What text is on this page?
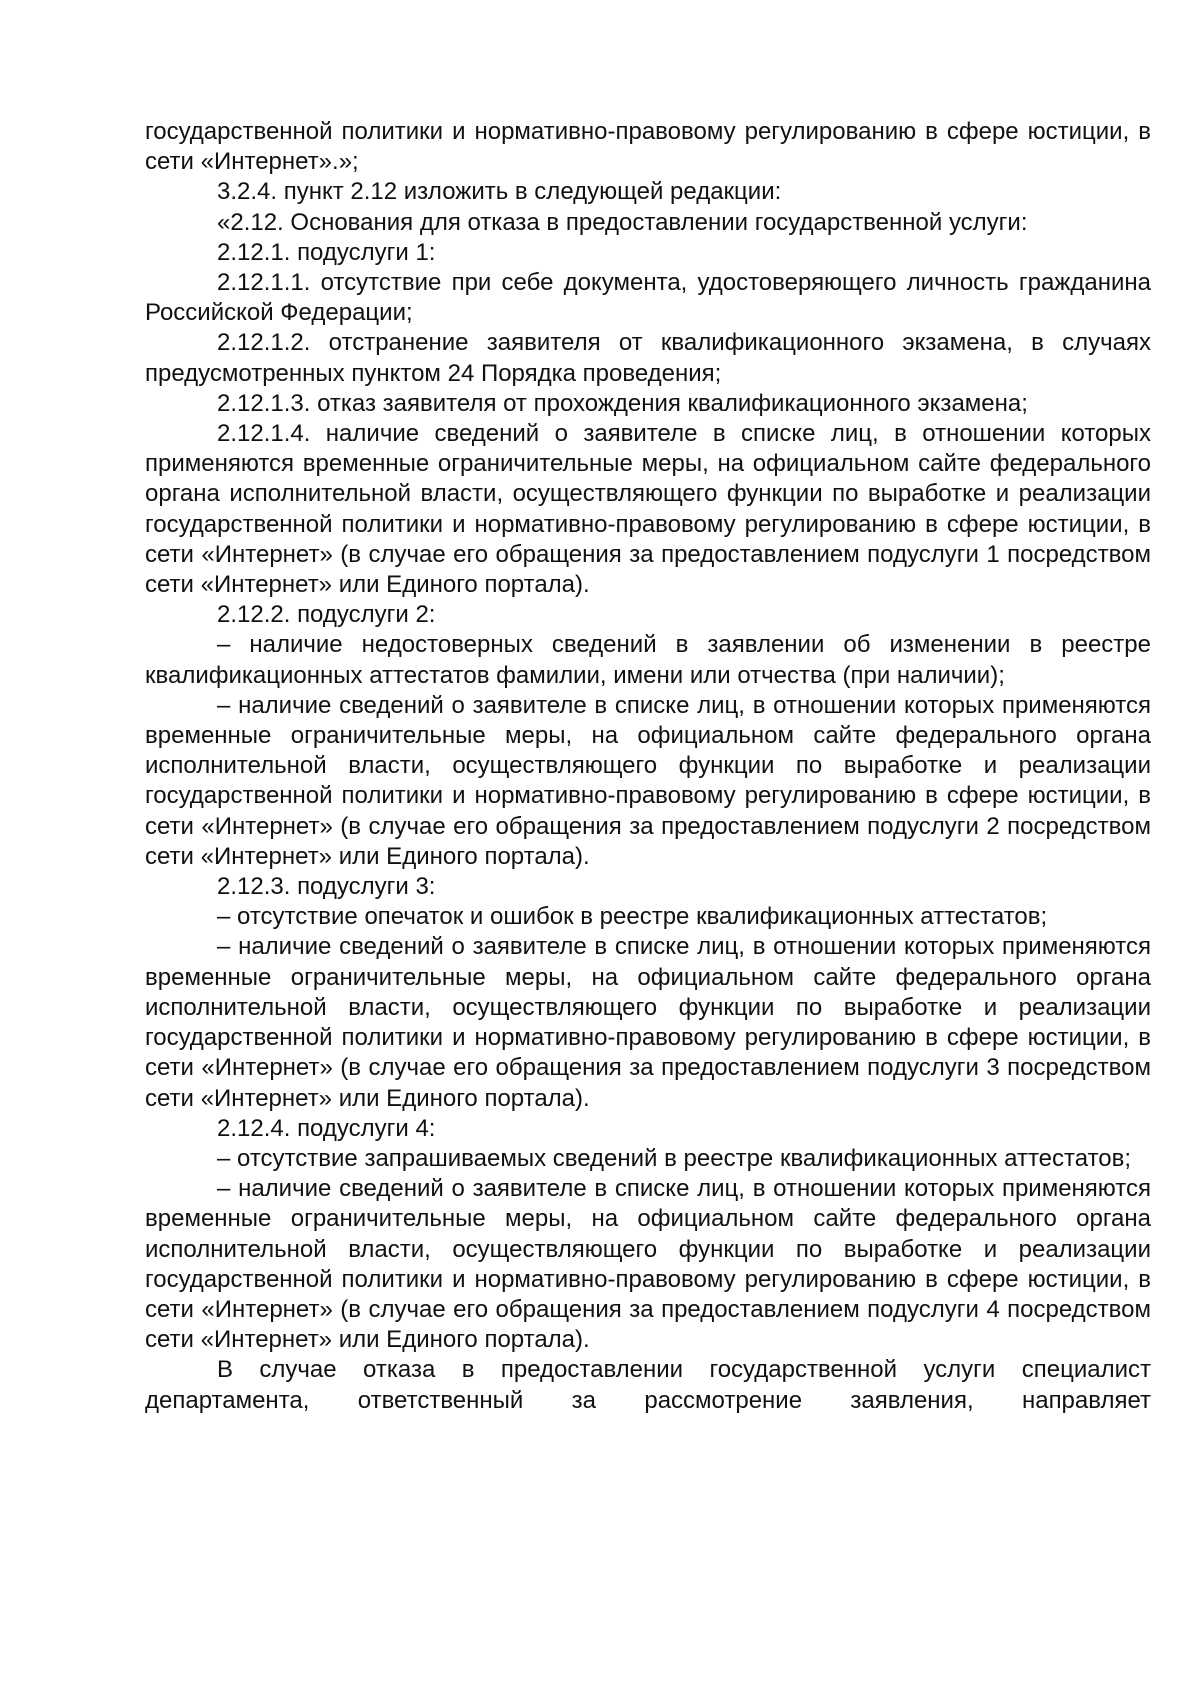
государственной политики и нормативно-правовому регулированию в сфере юстиции, в сети «Интернет».»;

3.2.4. пункт 2.12 изложить в следующей редакции:

«2.12. Основания для отказа в предоставлении государственной услуги:

2.12.1. подуслуги 1:

2.12.1.1. отсутствие при себе документа, удостоверяющего личность гражданина Российской Федерации;

2.12.1.2. отстранение заявителя от квалификационного экзамена, в случаях предусмотренных пунктом 24 Порядка проведения;

2.12.1.3. отказ заявителя от прохождения квалификационного экзамена;

2.12.1.4. наличие сведений о заявителе в списке лиц, в отношении которых применяются временные ограничительные меры, на официальном сайте федерального органа исполнительной власти, осуществляющего функции по выработке и реализации государственной политики и нормативно-правовому регулированию в сфере юстиции, в сети «Интернет» (в случае его обращения за предоставлением подуслуги 1 посредством сети «Интернет» или Единого портала).

2.12.2. подуслуги 2:

– наличие недостоверных сведений в заявлении об изменении в реестре квалификационных аттестатов фамилии, имени или отчества (при наличии);

– наличие сведений о заявителе в списке лиц, в отношении которых применяются временные ограничительные меры, на официальном сайте федерального органа исполнительной власти, осуществляющего функции по выработке и реализации государственной политики и нормативно-правовому регулированию в сфере юстиции, в сети «Интернет» (в случае его обращения за предоставлением подуслуги 2 посредством сети «Интернет» или Единого портала).

2.12.3. подуслуги 3:

– отсутствие опечаток и ошибок в реестре квалификационных аттестатов;

– наличие сведений о заявителе в списке лиц, в отношении которых применяются временные ограничительные меры, на официальном сайте федерального органа исполнительной власти, осуществляющего функции по выработке и реализации государственной политики и нормативно-правовому регулированию в сфере юстиции, в сети «Интернет» (в случае его обращения за предоставлением подуслуги 3 посредством сети «Интернет» или Единого портала).

2.12.4. подуслуги 4:

– отсутствие запрашиваемых сведений в реестре квалификационных аттестатов;

– наличие сведений о заявителе в списке лиц, в отношении которых применяются временные ограничительные меры, на официальном сайте федерального органа исполнительной власти, осуществляющего функции по выработке и реализации государственной политики и нормативно-правовому регулированию в сфере юстиции, в сети «Интернет» (в случае его обращения за предоставлением подуслуги 4 посредством сети «Интернет» или Единого портала).

В случае отказа в предоставлении государственной услуги специалист департамента, ответственный за рассмотрение заявления, направляет
